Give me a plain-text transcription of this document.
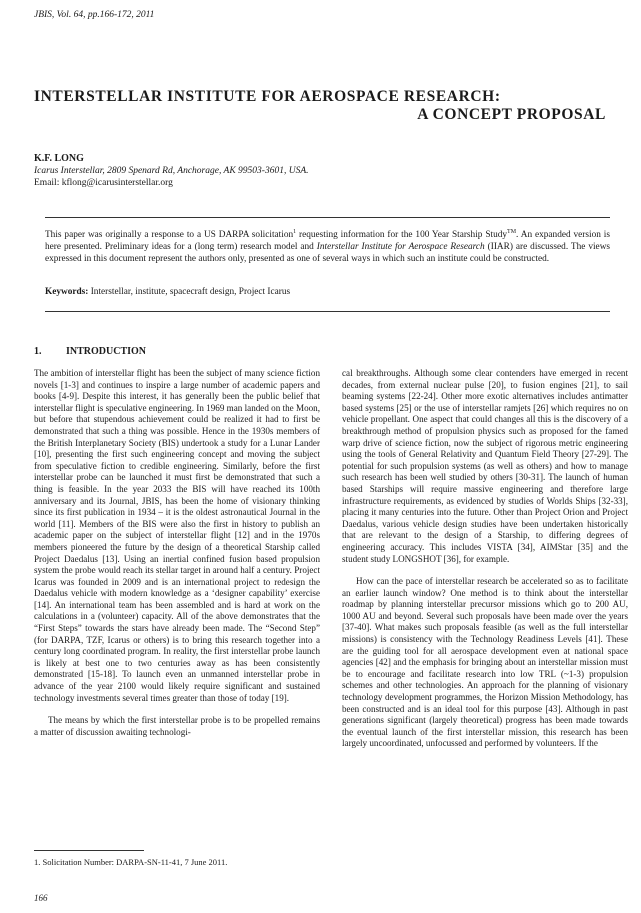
JBIS, Vol. 64, pp.166-172, 2011
INTERSTELLAR INSTITUTE FOR AEROSPACE RESEARCH:
A CONCEPT PROPOSAL
K.F. LONG
Icarus Interstellar, 2809 Spenard Rd, Anchorage, AK 99503-3601, USA.
Email: kflong@icarusinterstellar.org
This paper was originally a response to a US DARPA solicitation$^1$ requesting information for the 100 Year Starship Study™. An expanded version is here presented. Preliminary ideas for a (long term) research model and Interstellar Institute for Aerospace Research (IIAR) are discussed. The views expressed in this document represent the authors only, presented as one of several ways in which such an institute could be constructed.
Keywords: Interstellar, institute, spacecraft design, Project Icarus
1. INTRODUCTION

The ambition of interstellar flight has been the subject of many science fiction novels [1-3] and continues to inspire a large number of academic papers and books [4-9]. Despite this interest, it has generally been the public belief that interstellar flight is speculative engineering. In 1969 man landed on the Moon, but before that stupendous achievement could be realized it had to first be demonstrated that such a thing was possible. Hence in the 1930s members of the British Interplanetary Society (BIS) undertook a study for a Lunar Lander [10], presenting the first such engineering concept and moving the subject from speculative fiction to credible engineering. Similarly, before the first interstellar probe can be launched it must first be demonstrated that such a thing is feasible. In the year 2033 the BIS will have reached its 100th anniversary and its Journal, JBIS, has been the home of visionary thinking since its first publication in 1934 – it is the oldest astronautical Journal in the world [11]. Members of the BIS were also the first in history to publish an academic paper on the subject of interstellar flight [12] and in the 1970s members pioneered the future by the design of a theoretical Starship called Project Daedalus [13]. Using an inertial confined fusion based propulsion system the probe would reach its stellar target in around half a century. Project Icarus was founded in 2009 and is an international project to redesign the Daedalus vehicle with modern knowledge as a ‘designer capability’ exercise [14]. An international team has been assembled and is hard at work on the calculations in a (volunteer) capacity. All of the above demonstrates that the “First Steps” towards the stars have already been made. The “Second Step” (for DARPA, TZF, Icarus or others) is to bring this research together into a century long coordinated program. In reality, the first interstellar probe launch is likely at best one to two centuries away as has been consistently demonstrated [15-18]. To launch even an unmanned interstellar probe in advance of the year 2100 would likely require significant and sustained technology investments several times greater than those of today [19].

The means by which the first interstellar probe is to be propelled remains a matter of discussion awaiting technologi-

cal breakthroughs. Although some clear contenders have emerged in recent decades, from external nuclear pulse [20], to fusion engines [21], to sail beaming systems [22-24]. Other more exotic alternatives includes antimatter based systems [25] or the use of interstellar ramjets [26] which requires no on vehicle propellant. One aspect that could changes all this is the discovery of a breakthrough method of propulsion physics such as proposed for the famed warp drive of science fiction, now the subject of rigorous metric engineering using the tools of General Relativity and Quantum Field Theory [27-29]. The potential for such propulsion systems (as well as others) and how to manage such research has been well studied by others [30-31]. The launch of human based Starships will require massive engineering and therefore large infrastructure requirements, as evidenced by studies of Worlds Ships [32-33], placing it many centuries into the future. Other than Project Orion and Project Daedalus, various vehicle design studies have been undertaken historically that are relevant to the design of a Starship, to differing degrees of engineering accuracy. This includes VISTA [34], AIMStar [35] and the student study LONGSHOT [36], for example.

How can the pace of interstellar research be accelerated so as to facilitate an earlier launch window? One method is to think about the interstellar roadmap by planning interstellar precursor missions which go to 200 AU, 1000 AU and beyond. Several such proposals have been made over the years [37-40]. What makes such proposals feasible (as well as the full interstellar missions) is consistency with the Technology Readiness Levels [41]. These are the guiding tool for all aerospace development even at national space agencies [42] and the emphasis for bringing about an interstellar mission must be to encourage and facilitate research into low TRL (~1-3) propulsion schemes and other technologies. An approach for the planning of visionary technology development programmes, the Horizon Mission Methodology, has been constructed and is an ideal tool for this purpose [43]. Although in past generations significant (largely theoretical) progress has been made towards the eventual launch of the first interstellar mission, this research has been largely uncoordinated, unfocussed and performed by volunteers. If the

1. Solicitation Number: DARPA-SN-11-41, 7 June 2011.
166
